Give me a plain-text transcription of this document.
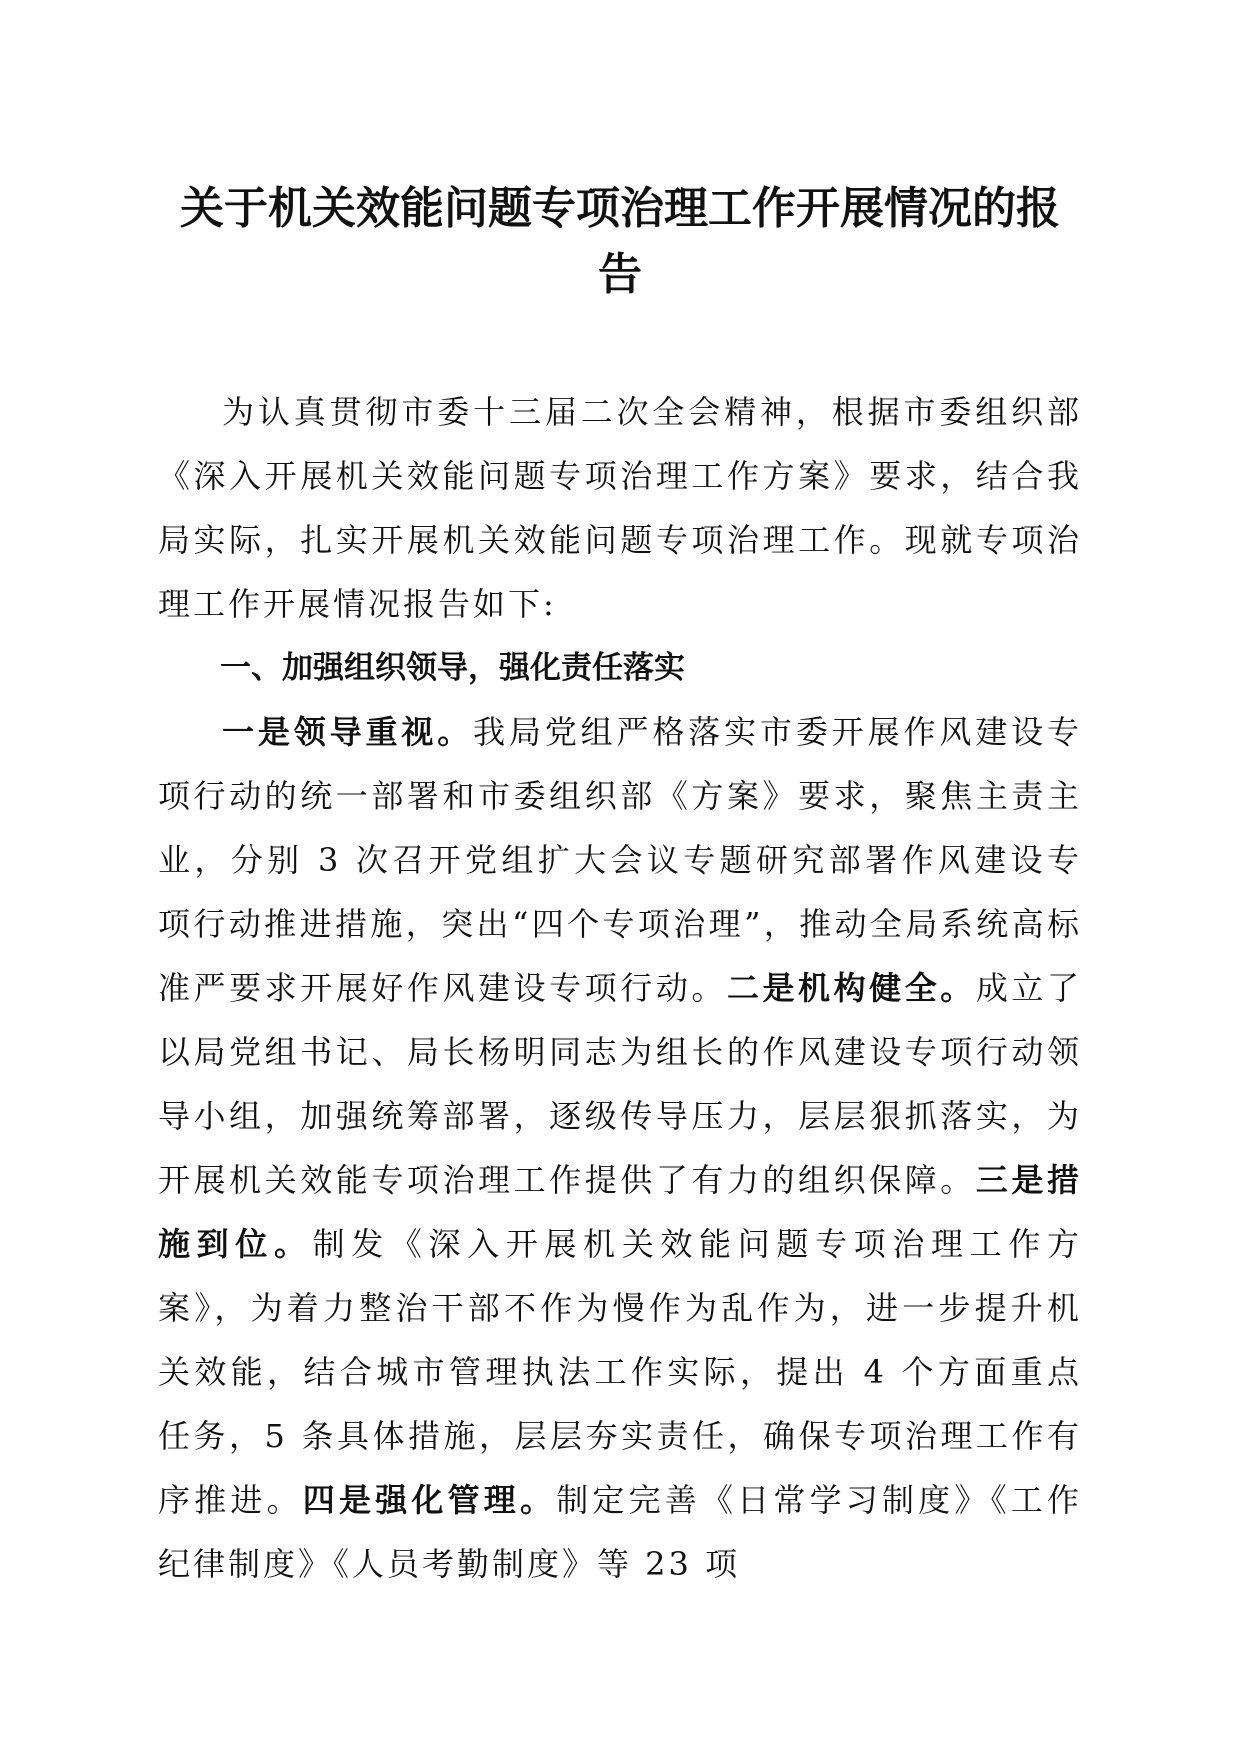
关于机关效能问题专项治理工作开展情况的报
告

为认真贯彻市委十三届二次全会精神，根据市委组织部《深入开展机关效能问题专项治理工作方案》要求，结合我局实际，扎实开展机关效能问题专项治理工作。现就专项治理工作开展情况报告如下:

一、加强组织领导，强化责任落实

一是领导重视。我局党组严格落实市委开展作风建设专项行动的统一部署和市委组织部《方案》要求，聚焦主责主业，分别 3 次召开党组扩大会议专题研究部署作风建设专项行动推进措施，突出“四个专项治理”，推动全局系统高标准严要求开展好作风建设专项行动。二是机构健全。成立了以局党组书记、局长杨明同志为组长的作风建设专项行动领导小组，加强统筹部署，逐级传导压力，层层狠抓落实，为开展机关效能专项治理工作提供了有力的组织保障。三是措施到位。制发《深入开展机关效能问题专项治理工作方案》，为着力整治干部不作为慢作为乱作为，进一步提升机关效能，结合城市管理执法工作实际，提出 4 个方面重点任务，5 条具体措施，层层夯实责任，确保专项治理工作有序推进。四是强化管理。制定完善《日常学习制度》《工作纪律制度》《人员考勤制度》等 23 项
